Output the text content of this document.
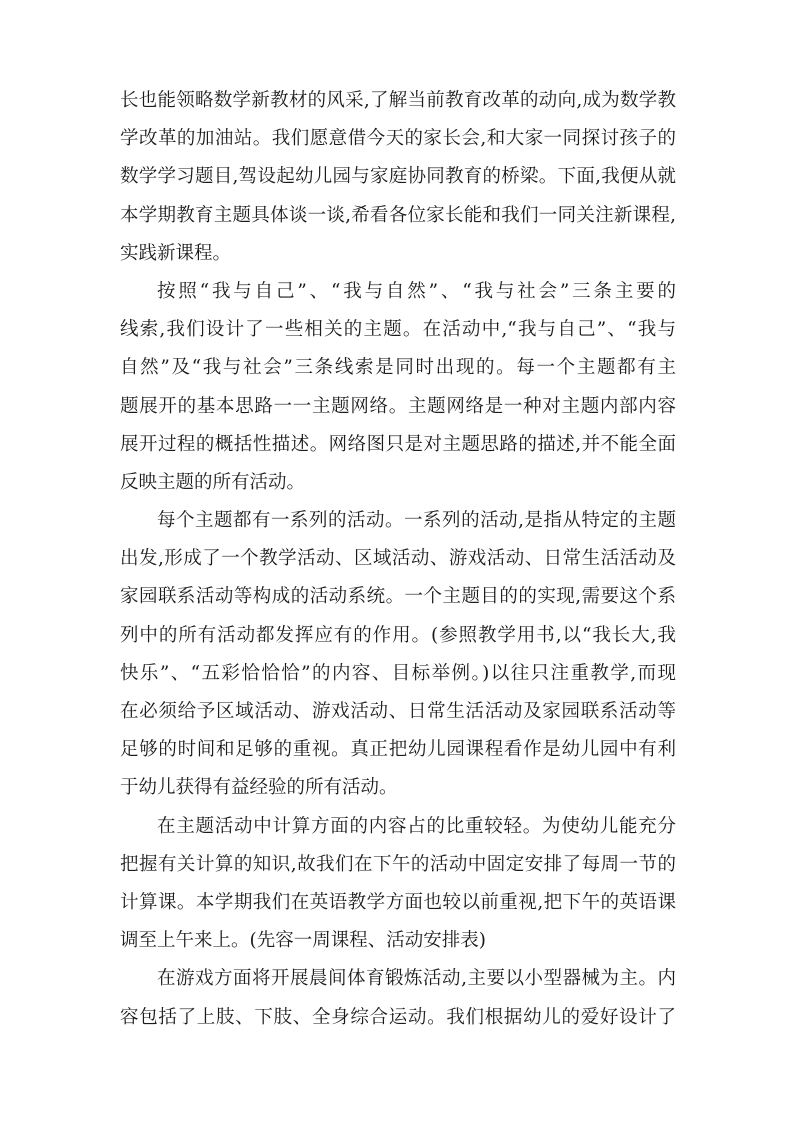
长也能领略数学新教材的风采,了解当前教育改革的动向,成为数学教
学改革的加油站。我们愿意借今天的家长会,和大家一同探讨孩子的
数学学习题目,驾设起幼儿园与家庭协同教育的桥梁。下面,我便从就
本学期教育主题具体谈一谈,希看各位家长能和我们一同关注新课程,
实践新课程。
按照“我与自己”、“我与自然”、“我与社会”三条主要的
线索,我们设计了一些相关的主题。在活动中,“我与自己”、“我与
自然”及“我与社会”三条线索是同时出现的。每一个主题都有主
题展开的基本思路一一主题网络。主题网络是一种对主题内部内容
展开过程的概括性描述。网络图只是对主题思路的描述,并不能全面
反映主题的所有活动。
每个主题都有一系列的活动。一系列的活动,是指从特定的主题
出发,形成了一个教学活动、区域活动、游戏活动、日常生活活动及
家园联系活动等构成的活动系统。一个主题目的的实现,需要这个系
列中的所有活动都发挥应有的作用。(参照教学用书,以“我长大,我
快乐”、“五彩恰恰恰”的内容、目标举例。)以往只注重教学,而现
在必须给予区域活动、游戏活动、日常生活活动及家园联系活动等
足够的时间和足够的重视。真正把幼儿园课程看作是幼儿园中有利
于幼儿获得有益经验的所有活动。
在主题活动中计算方面的内容占的比重较轻。为使幼儿能充分
把握有关计算的知识,故我们在下午的活动中固定安排了每周一节的
计算课。本学期我们在英语教学方面也较以前重视,把下午的英语课
调至上午来上。(先容一周课程、活动安排表)
在游戏方面将开展晨间体育锻炼活动,主要以小型器械为主。内
容包括了上肢、下肢、全身综合运动。我们根据幼儿的爱好设计了
